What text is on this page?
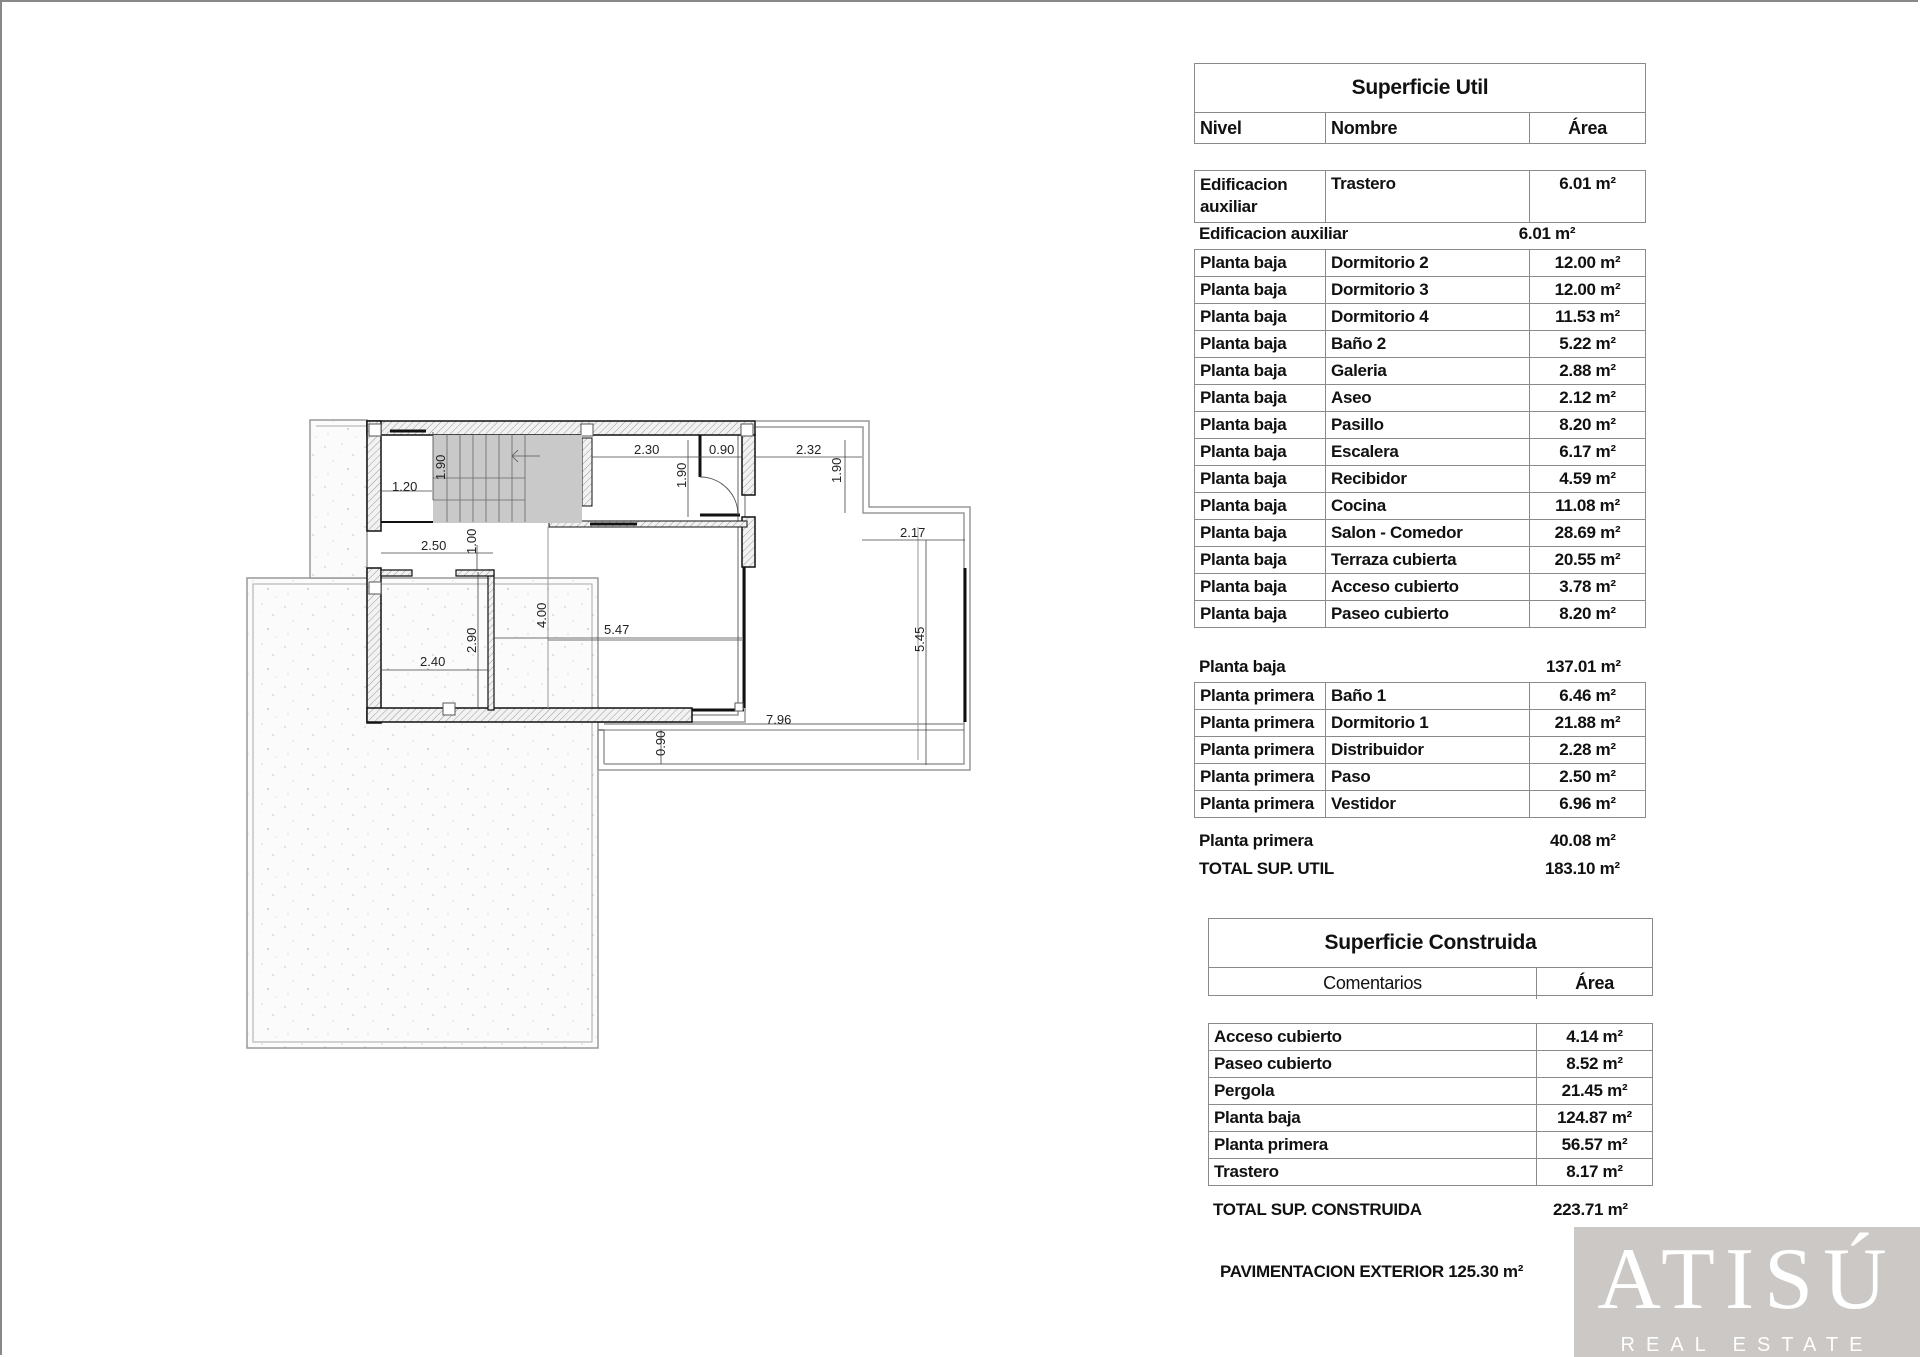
1.20
1.90
2.30	0.90
1.90
2.32
1.90
2.17
2.50 1.00
4.00
5.47
2.90
2.40
5.45
7.96
0.90
Superficie Util
Nivel	Nombre	Área
Edificacion auxiliar	Trastero	6.01 m²
Edificacion auxiliar	6.01 m²
Planta baja	Dormitorio 2	12.00 m²
Planta baja	Dormitorio 3	12.00 m²
Planta baja	Dormitorio 4	11.53 m²
Planta baja	Baño 2	5.22 m²
Planta baja	Galeria	2.88 m²
Planta baja	Aseo	2.12 m²
Planta baja	Pasillo	8.20 m²
Planta baja	Escalera	6.17 m²
Planta baja	Recibidor	4.59 m²
Planta baja	Cocina	11.08 m²
Planta baja	Salon - Comedor	28.69 m²
Planta baja	Terraza cubierta	20.55 m²
Planta baja	Acceso cubierto	3.78 m²
Planta baja	Paseo cubierto	8.20 m²
Planta baja	137.01 m²
Planta primera	Baño 1	6.46 m²
Planta primera	Dormitorio 1	21.88 m²
Planta primera	Distribuidor	2.28 m²
Planta primera	Paso	2.50 m²
Planta primera	Vestidor	6.96 m²
Planta primera	40.08 m²
TOTAL SUP. UTIL	183.10 m²
Superficie Construida
Comentarios	Área
Acceso cubierto	4.14 m²
Paseo cubierto	8.52 m²
Pergola	21.45 m²
Planta baja	124.87 m²
Planta primera	56.57 m²
Trastero	8.17 m²
TOTAL SUP. CONSTRUIDA	223.71 m²
PAVIMENTACION EXTERIOR 125.30 m² ATISÚ
REAL ESTATE
